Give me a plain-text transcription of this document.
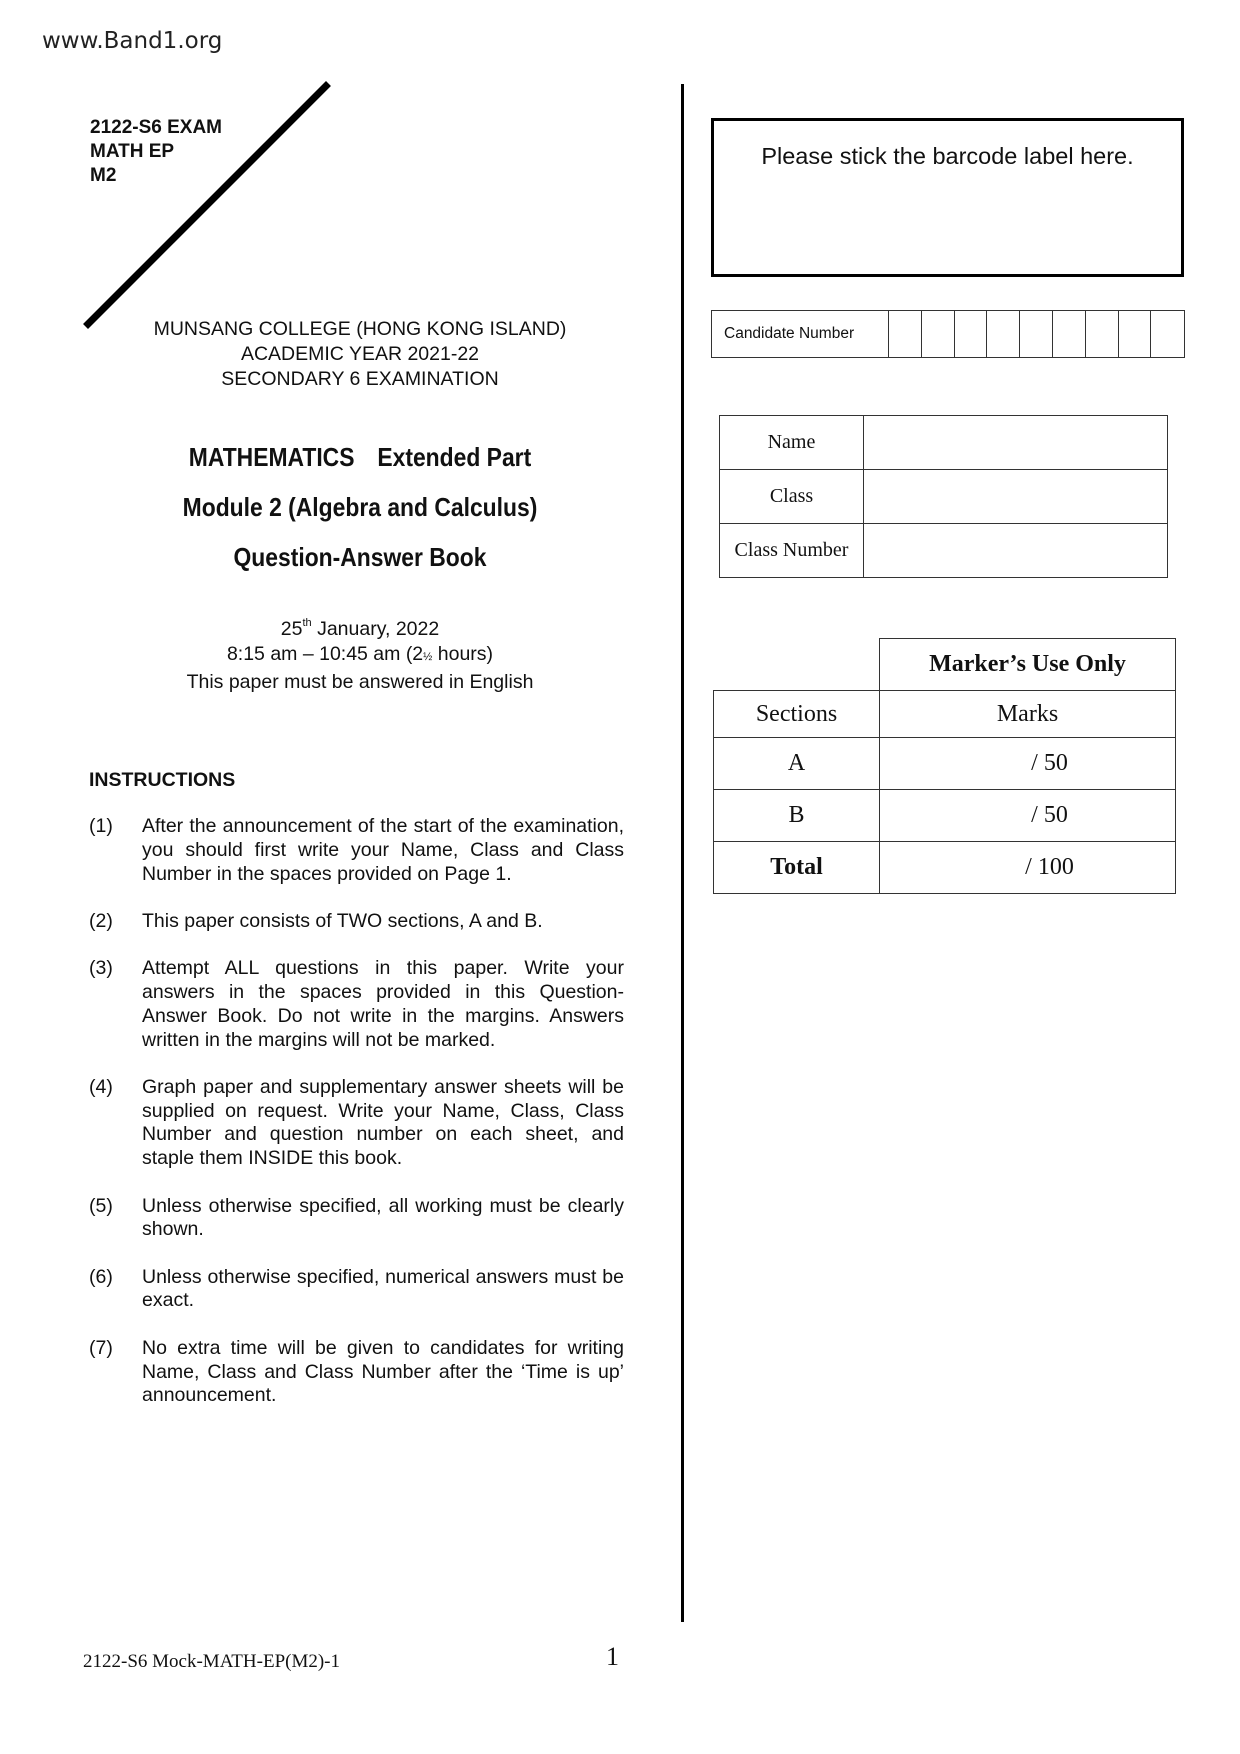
www.Band1.org
2122-S6 EXAM
MATH EP
M2
MUNSANG COLLEGE (HONG KONG ISLAND)
ACADEMIC YEAR 2021-22
SECONDARY 6 EXAMINATION
MATHEMATICS Extended Part
Module 2 (Algebra and Calculus)
Question-Answer Book
25th January, 2022
8:15 am – 10:45 am (2½ hours)
This paper must be answered in English
INSTRUCTIONS
(1)	After the announcement of the start of the examination, you should first write your Name, Class and Class Number in the spaces provided on Page 1.
(2)	This paper consists of TWO sections, A and B.
(3)	Attempt ALL questions in this paper. Write your answers in the spaces provided in this Question-Answer Book. Do not write in the margins. Answers written in the margins will not be marked.
(4)	Graph paper and supplementary answer sheets will be supplied on request. Write your Name, Class, Class Number and question number on each sheet, and staple them INSIDE this book.
(5)	Unless otherwise specified, all working must be clearly shown.
(6)	Unless otherwise specified, numerical answers must be exact.
(7)	No extra time will be given to candidates for writing Name, Class and Class Number after the ‘Time is up’ announcement.
Please stick the barcode label here.
Candidate Number
Name	
Class	
Class Number	
	Marker’s Use Only
Sections	Marks
A	/ 50
B	/ 50
Total	/ 100
2122-S6 Mock-MATH-EP(M2)-1	1
